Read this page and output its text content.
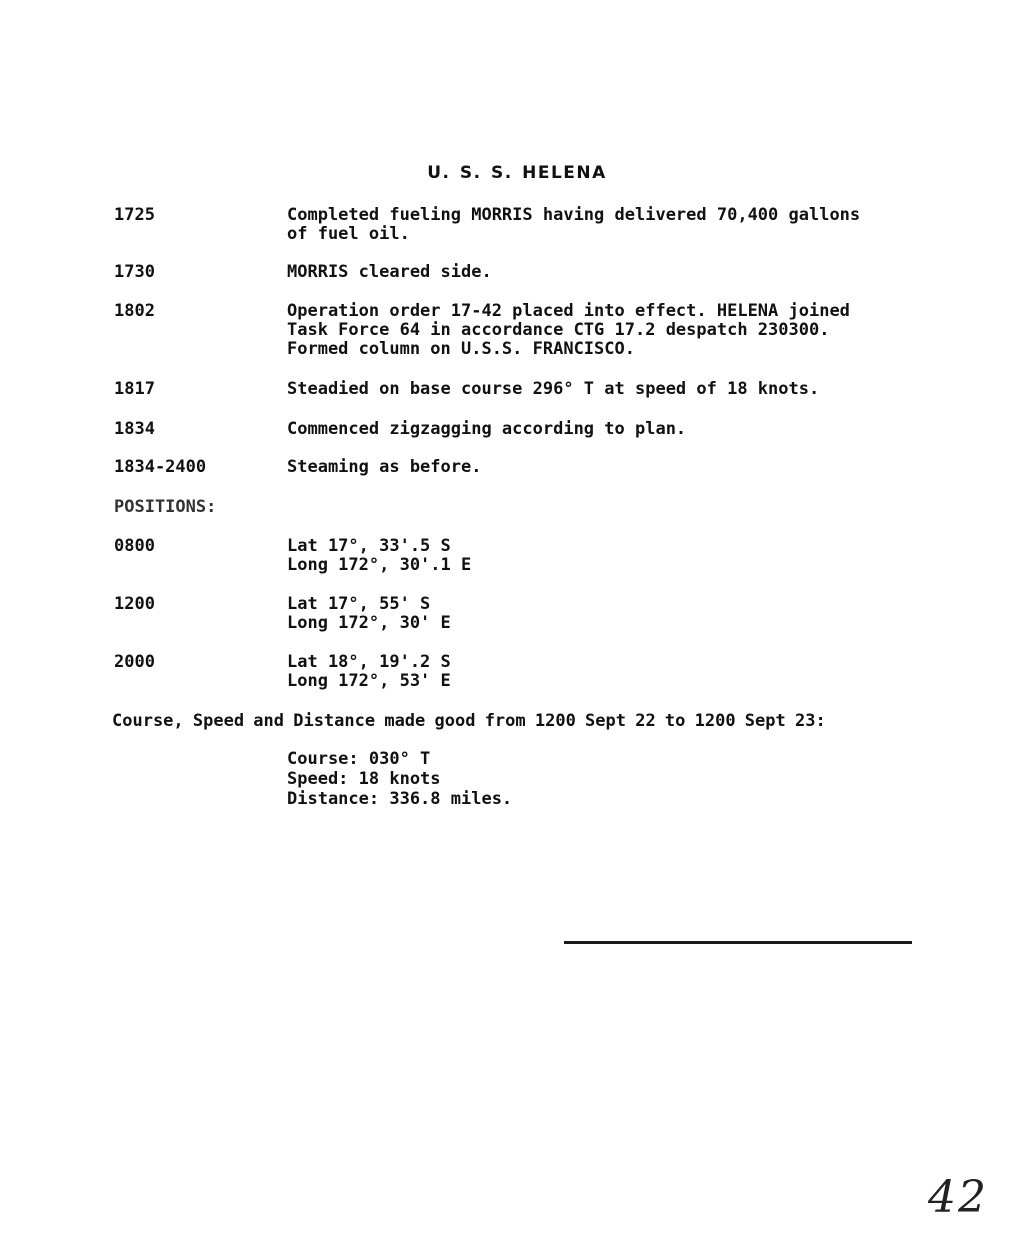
U. S. S. HELENA
1725	Completed fueling MORRIS having delivered 70,400 gallons
of fuel oil.
1730	MORRIS cleared side.
1802	Operation order 17-42 placed into effect. HELENA joined
Task Force 64 in accordance CTG 17.2 despatch 230300.
Formed column on U.S.S. FRANCISCO.
1817	Steadied on base course 296° T at speed of 18 knots.
1834	Commenced zigzagging according to plan.
1834-2400	Steaming as before.
POSITIONS:
0800	Lat 17°, 33'.5 S
Long 172°, 30'.1 E
1200	Lat 17°, 55' S
Long 172°, 30' E
2000	Lat 18°, 19'.2 S
Long 172°, 53' E
Course, Speed and Distance made good from 1200 Sept 22 to 1200 Sept 23:
Course: 030° T
Speed: 18 knots
Distance: 336.8 miles.
42
